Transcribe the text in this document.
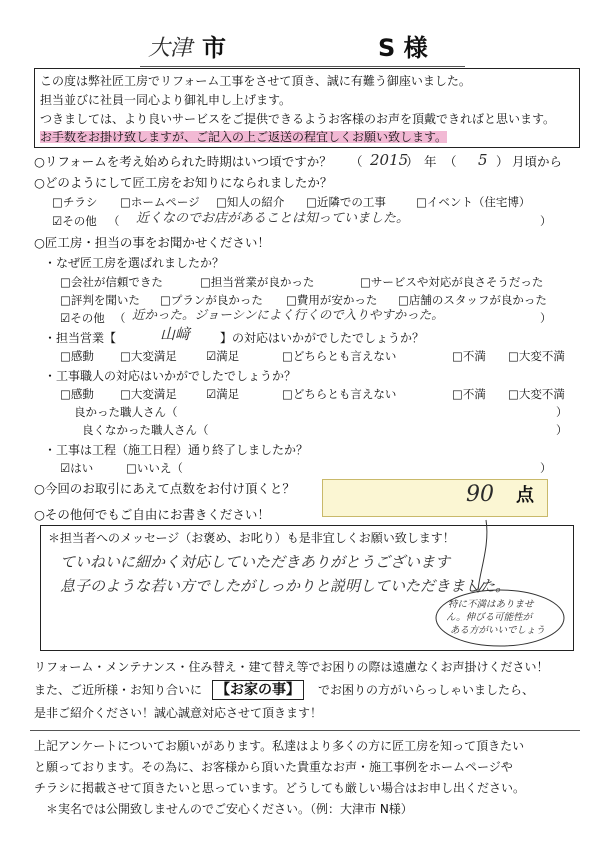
大津 市	S 様
この度は弊社匠工房でリフォーム工事をさせて頂き、誠に有難う御座いました。
担当並びに社員一同心より御礼申し上げます。
つきましては、より良いサービスをご提供できるようお客様のお声を頂戴できればと思います。
お手数をお掛け致しますが、ご記入の上ご返送の程宜しくお願い致します。
○リフォームを考え始められた時期はいつ頃ですか？ （ 2015
） 年 （ 5 ） 月頃から
○どのようにして匠工房をお知りになられましたか？
□チラシ	□ホームページ	□知人の紹介	□近隣での工事	□イベント（住宅博）
☑その他 （ 近くなのでお店があることは知っていました。	）
○匠工房・担当の事をお聞かせください！
・なぜ匠工房を選ばれましたか？
□会社が信頼できた	□担当営業が良かった	□サービスや対応が良さそうだった
□評判を聞いた	□プランが良かった	□費用が安かった	□店舗のスタッフが良かった
☑その他 （ 近かった。ジョーシンによく行くので入りやすかった。	）
・担当営業【	山﨑 】の対応はいかがでしたでしょうか？
□感動	□大変満足	☑満足	□どちらとも言えない	□不満	□大変不満
・工事職人の対応はいかがでしたでしょうか？
□感動	□大変満足	☑満足	□どちらとも言えない	□不満	□大変不満
良かった職人さん（	）
良くなかった職人さん（	）
・工事は工程（施工日程）通り終了しましたか？
☑はい	□いいえ（	）
○今回のお取引にあえて点数をお付け頂くと？	90 点
○その他何でもご自由にお書きください！
＊担当者へのメッセージ（お褒め、お叱り）も是非宜しくお願い致します！
ていねいに細かく対応していただきありがとうございます
息子のような若い方でしたがしっかりと説明していただきました。
特に不満はありませ
ん。伸びる可能性が
ある方がいいでしょう
リフォーム・メンテナンス・住み替え・建て替え等でお困りの際は遠慮なくお声掛けください！
また、ご近所様・お知り合いに 【お家の事】	でお困りの方がいらっしゃいましたら、
是非ご紹介ください！誠心誠意対応させて頂きます！
上記アンケートについてお願いがあります。私達はより多くの方に匠工房を知って頂きたい
と願っております。その為に、お客様から頂いた貴重なお声・施工事例をホームページや
チラシに掲載させて頂きたいと思っています。どうしても厳しい場合はお申し出ください。
＊実名では公開致しませんのでご安心ください。（例：大津市 N様）
